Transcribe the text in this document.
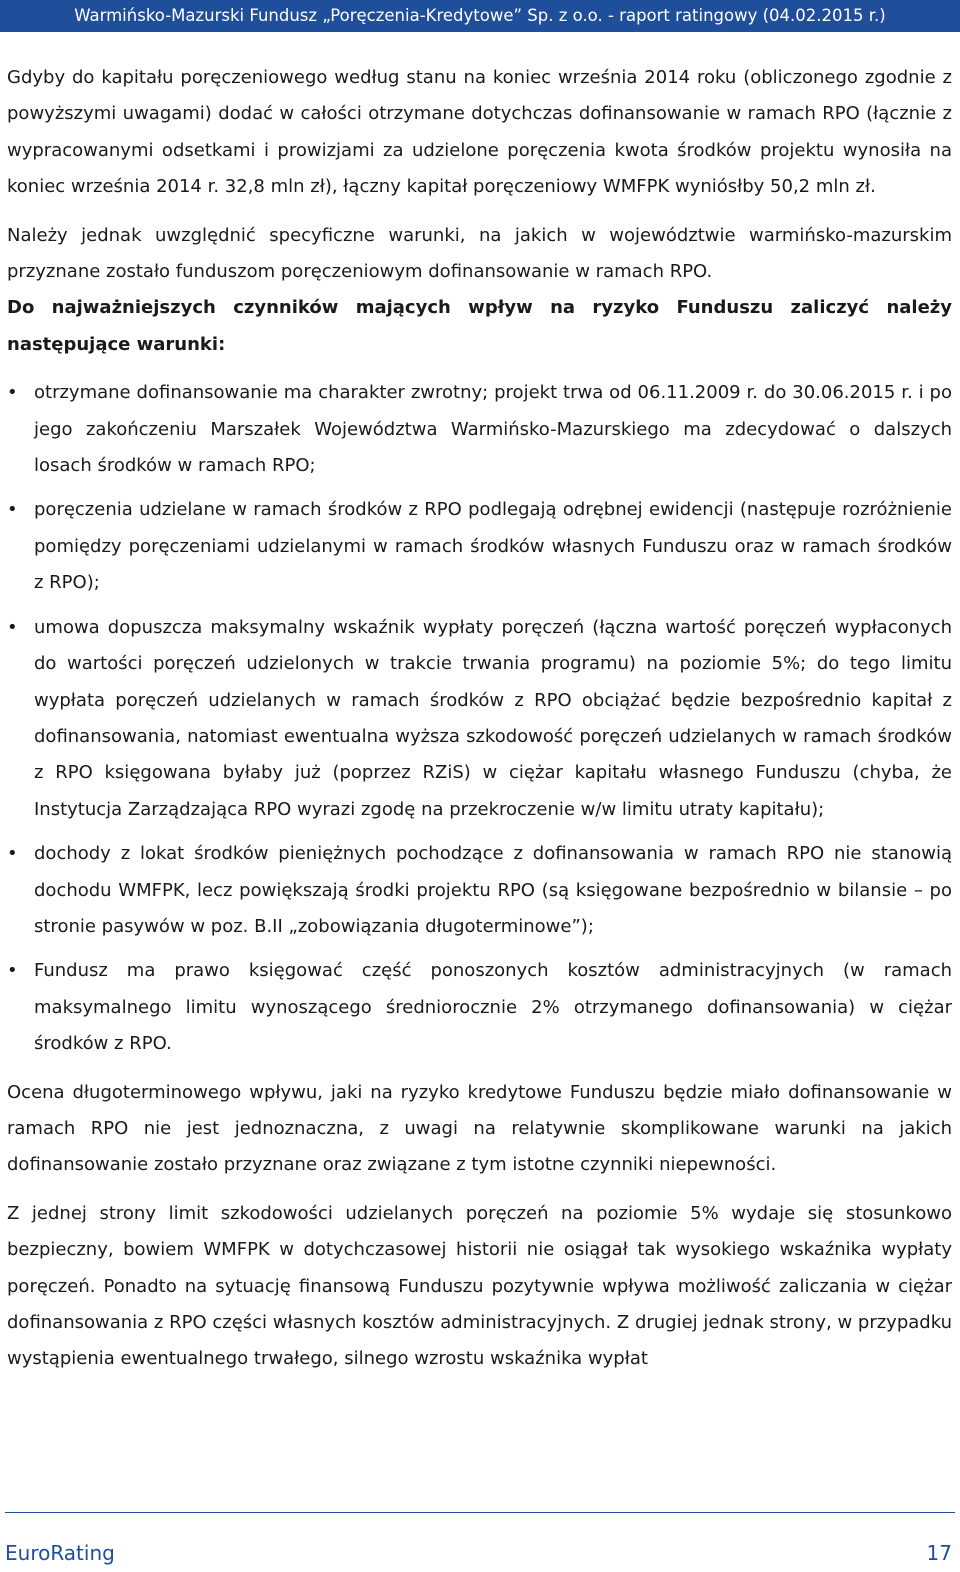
Warmińsko-Mazurski Fundusz „Poręczenia-Kredytowe” Sp. z o.o. - raport ratingowy (04.02.2015 r.)

Gdyby do kapitału poręczeniowego według stanu na koniec września 2014 roku (obliczonego zgodnie z powyższymi uwagami) dodać w całości otrzymane dotychczas dofinansowanie w ramach RPO (łącznie z wypracowanymi odsetkami i prowizjami za udzielone poręczenia kwota środków projektu wynosiła na koniec września 2014 r. 32,8 mln zł), łączny kapitał poręczeniowy WMFPK wyniósłby 50,2 mln zł.

Należy jednak uwzględnić specyficzne warunki, na jakich w województwie warmińsko-mazurskim przyznane zostało funduszom poręczeniowym dofinansowanie w ramach RPO.

Do najważniejszych czynników mających wpływ na ryzyko Funduszu zaliczyć należy następujące warunki:

• otrzymane dofinansowanie ma charakter zwrotny; projekt trwa od 06.11.2009 r. do 30.06.2015 r. i po jego zakończeniu Marszałek Województwa Warmińsko-Mazurskiego ma zdecydować o dalszych losach środków w ramach RPO;
• poręczenia udzielane w ramach środków z RPO podlegają odrębnej ewidencji (następuje rozróżnienie pomiędzy poręczeniami udzielanymi w ramach środków własnych Funduszu oraz w ramach środków z RPO);
• umowa dopuszcza maksymalny wskaźnik wypłaty poręczeń (łączna wartość poręczeń wypłaconych do wartości poręczeń udzielonych w trakcie trwania programu) na poziomie 5%; do tego limitu wypłata poręczeń udzielanych w ramach środków z RPO obciążać będzie bezpośrednio kapitał z dofinansowania, natomiast ewentualna wyższa szkodowość poręczeń udzielanych w ramach środków z RPO księgowana byłaby już (poprzez RZiS) w ciężar kapitału własnego Funduszu (chyba, że Instytucja Zarządzająca RPO wyrazi zgodę na przekroczenie w/w limitu utraty kapitału);
• dochody z lokat środków pieniężnych pochodzące z dofinansowania w ramach RPO nie stanowią dochodu WMFPK, lecz powiększają środki projektu RPO (są księgowane bezpośrednio w bilansie – po stronie pasywów w poz. B.II „zobowiązania długoterminowe”);
• Fundusz ma prawo księgować część ponoszonych kosztów administracyjnych (w ramach maksymalnego limitu wynoszącego średniorocznie 2% otrzymanego dofinansowania) w ciężar środków z RPO.

Ocena długoterminowego wpływu, jaki na ryzyko kredytowe Funduszu będzie miało dofinansowanie w ramach RPO nie jest jednoznaczna, z uwagi na relatywnie skomplikowane warunki na jakich dofinansowanie zostało przyznane oraz związane z tym istotne czynniki niepewności.

Z jednej strony limit szkodowości udzielanych poręczeń na poziomie 5% wydaje się stosunkowo bezpieczny, bowiem WMFPK w dotychczasowej historii nie osiągał tak wysokiego wskaźnika wypłaty poręczeń. Ponadto na sytuację finansową Funduszu pozytywnie wpływa możliwość zaliczania w ciężar dofinansowania z RPO części własnych kosztów administracyjnych. Z drugiej jednak strony, w przypadku wystąpienia ewentualnego trwałego, silnego wzrostu wskaźnika wypłat

EuroRating	17
